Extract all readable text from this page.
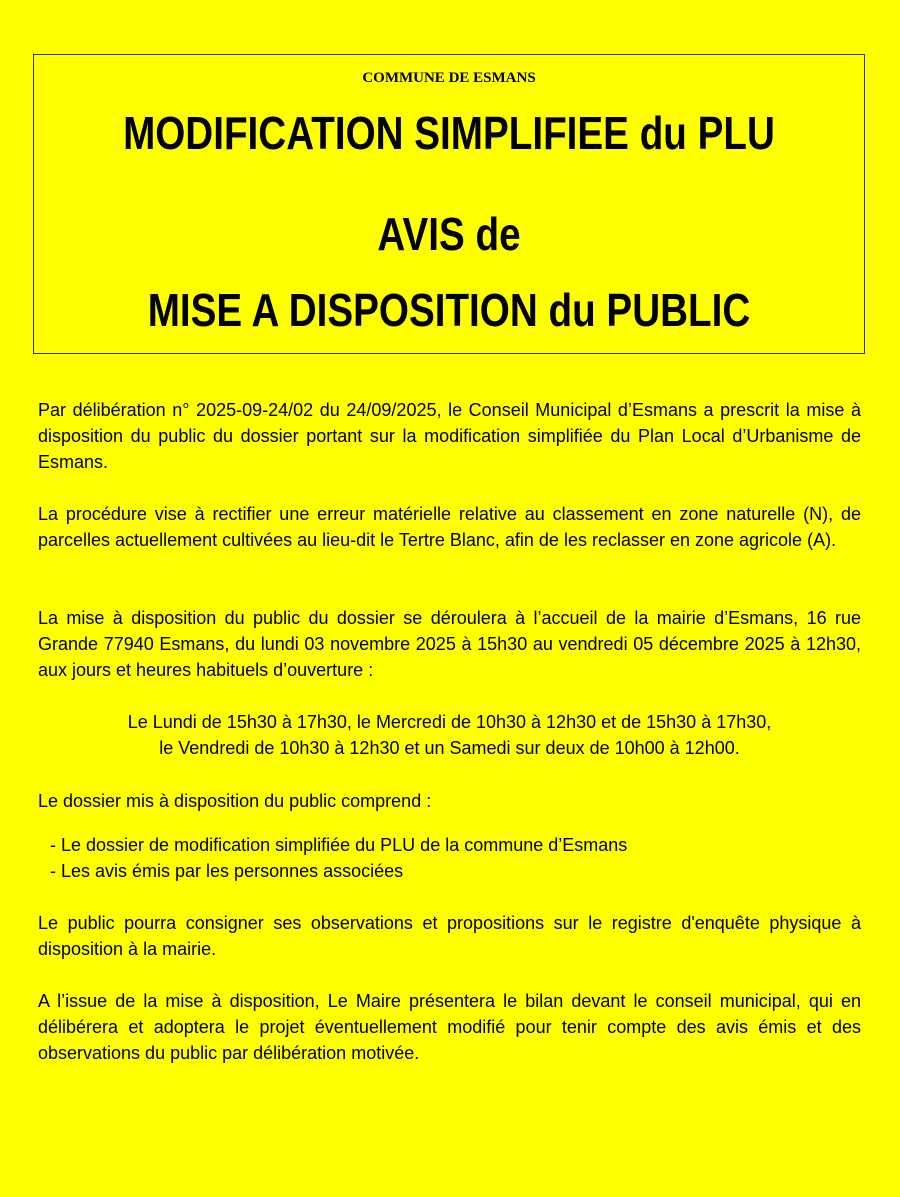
COMMUNE DE ESMANS
MODIFICATION SIMPLIFIEE du PLU
AVIS de
MISE A DISPOSITION du PUBLIC

Par délibération n° 2025-09-24/02 du 24/09/2025, le Conseil Municipal d’Esmans a prescrit la mise à disposition du public du dossier portant sur la modification simplifiée du Plan Local d’Urbanisme de Esmans.

La procédure vise à rectifier une erreur matérielle relative au classement en zone naturelle (N), de parcelles actuellement cultivées au lieu-dit le Tertre Blanc, afin de les reclasser en zone agricole (A).

La mise à disposition du public du dossier se déroulera à l’accueil de la mairie d’Esmans, 16 rue Grande 77940 Esmans, du lundi 03 novembre 2025 à 15h30 au vendredi 05 décembre 2025 à 12h30, aux jours et heures habituels d’ouverture :

Le Lundi de 15h30 à 17h30, le Mercredi de 10h30 à 12h30 et de 15h30 à 17h30,
le Vendredi de 10h30 à 12h30 et un Samedi sur deux de 10h00 à 12h00.

Le dossier mis à disposition du public comprend :

- Le dossier de modification simplifiée du PLU de la commune d’Esmans
- Les avis émis par les personnes associées

Le public pourra consigner ses observations et propositions sur le registre d'enquête physique à disposition à la mairie.

A l’issue de la mise à disposition, Le Maire présentera le bilan devant le conseil municipal, qui en délibérera et adoptera le projet éventuellement modifié pour tenir compte des avis émis et des observations du public par délibération motivée.
